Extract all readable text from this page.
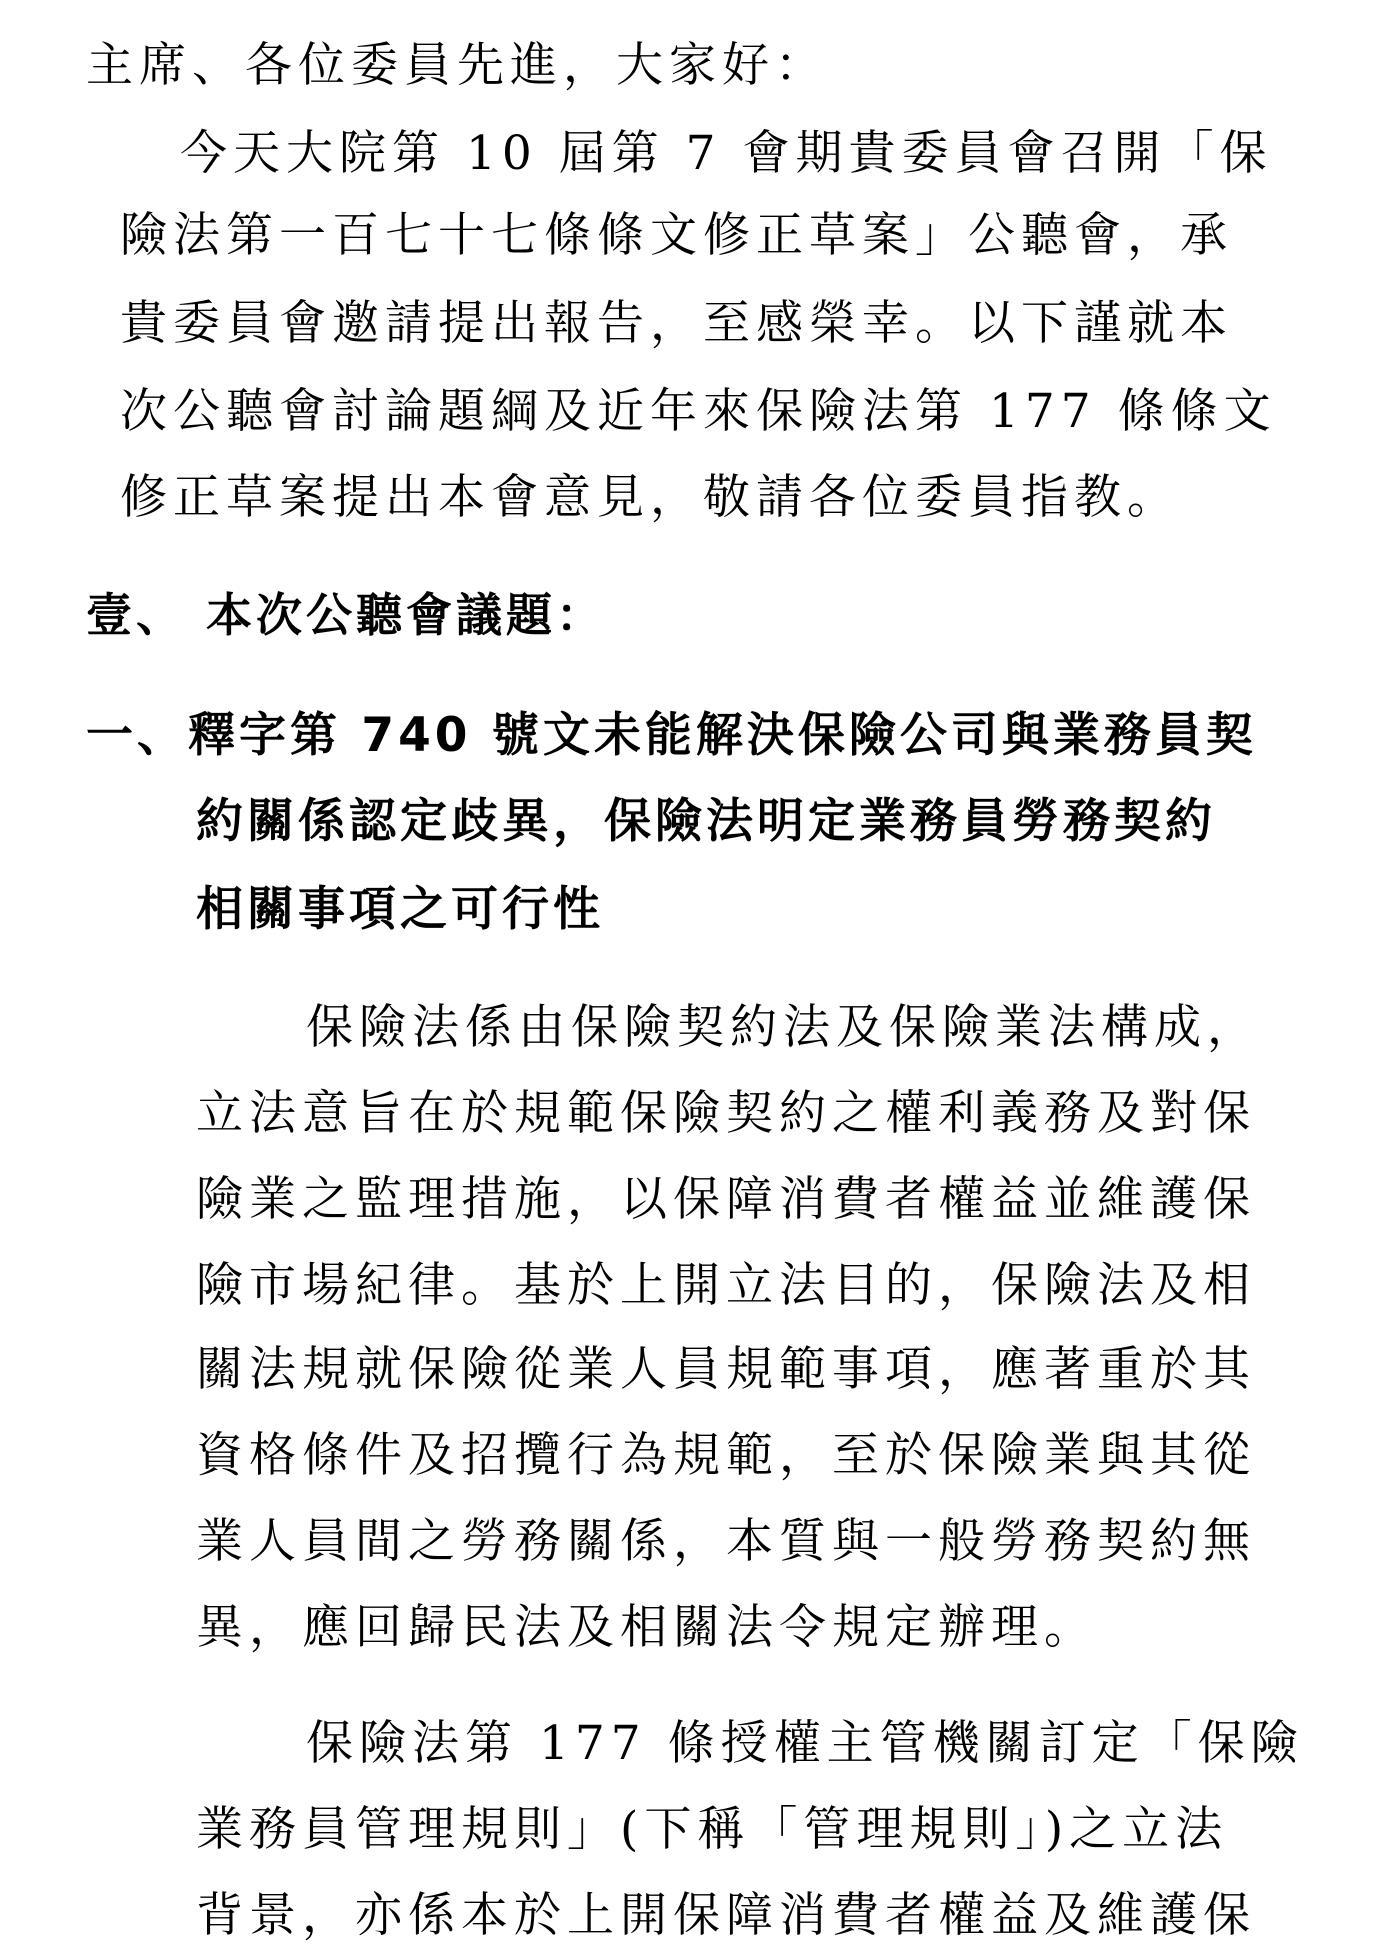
主席、各位委員先進，大家好：
今天大院第 10 屆第 7 會期貴委員會召開「保
險法第一百七十七條條文修正草案」公聽會，承
貴委員會邀請提出報告，至感榮幸。以下謹就本
次公聽會討論題綱及近年來保險法第 177 條條文
修正草案提出本會意見，敬請各位委員指教。
壹、 本次公聽會議題：
一、釋字第 740 號文未能解決保險公司與業務員契
約關係認定歧異，保險法明定業務員勞務契約
相關事項之可行性
保險法係由保險契約法及保險業法構成，
立法意旨在於規範保險契約之權利義務及對保
險業之監理措施，以保障消費者權益並維護保
險市場紀律。基於上開立法目的，保險法及相
關法規就保險從業人員規範事項，應著重於其
資格條件及招攬行為規範，至於保險業與其從
業人員間之勞務關係，本質與一般勞務契約無
異，應回歸民法及相關法令規定辦理。
保險法第 177 條授權主管機關訂定「保險
業務員管理規則」(下稱「管理規則」)之立法
背景，亦係本於上開保障消費者權益及維護保
